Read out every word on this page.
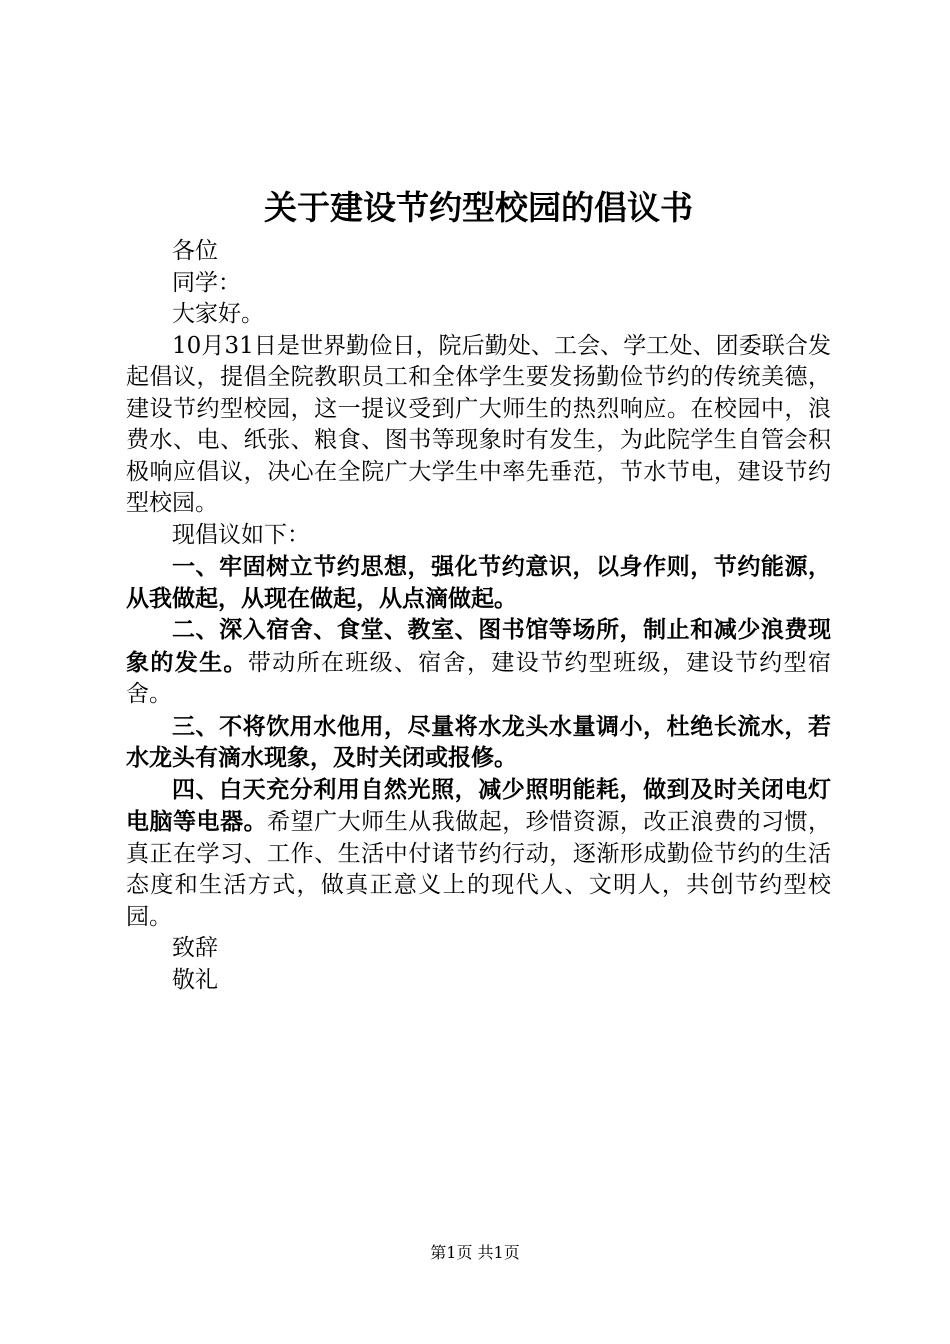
关于建设节约型校园的倡议书

各位

同学：

大家好。

10月31日是世界勤俭日，院后勤处、工会、学工处、团委联合发起倡议，提倡全院教职员工和全体学生要发扬勤俭节约的传统美德，建设节约型校园，这一提议受到广大师生的热烈响应。在校园中，浪费水、电、纸张、粮食、图书等现象时有发生，为此院学生自管会积极响应倡议，决心在全院广大学生中率先垂范，节水节电，建设节约型校园。

现倡议如下：

一、牢固树立节约思想，强化节约意识，以身作则，节约能源，从我做起，从现在做起，从点滴做起。

二、深入宿舍、食堂、教室、图书馆等场所，制止和减少浪费现象的发生。带动所在班级、宿舍，建设节约型班级，建设节约型宿舍。

三、不将饮用水他用，尽量将水龙头水量调小，杜绝长流水，若水龙头有滴水现象，及时关闭或报修。

四、白天充分利用自然光照，减少照明能耗，做到及时关闭电灯电脑等电器。希望广大师生从我做起，珍惜资源，改正浪费的习惯，真正在学习、工作、生活中付诸节约行动，逐渐形成勤俭节约的生活态度和生活方式，做真正意义上的现代人、文明人，共创节约型校园。

致辞

敬礼

第1页 共1页
